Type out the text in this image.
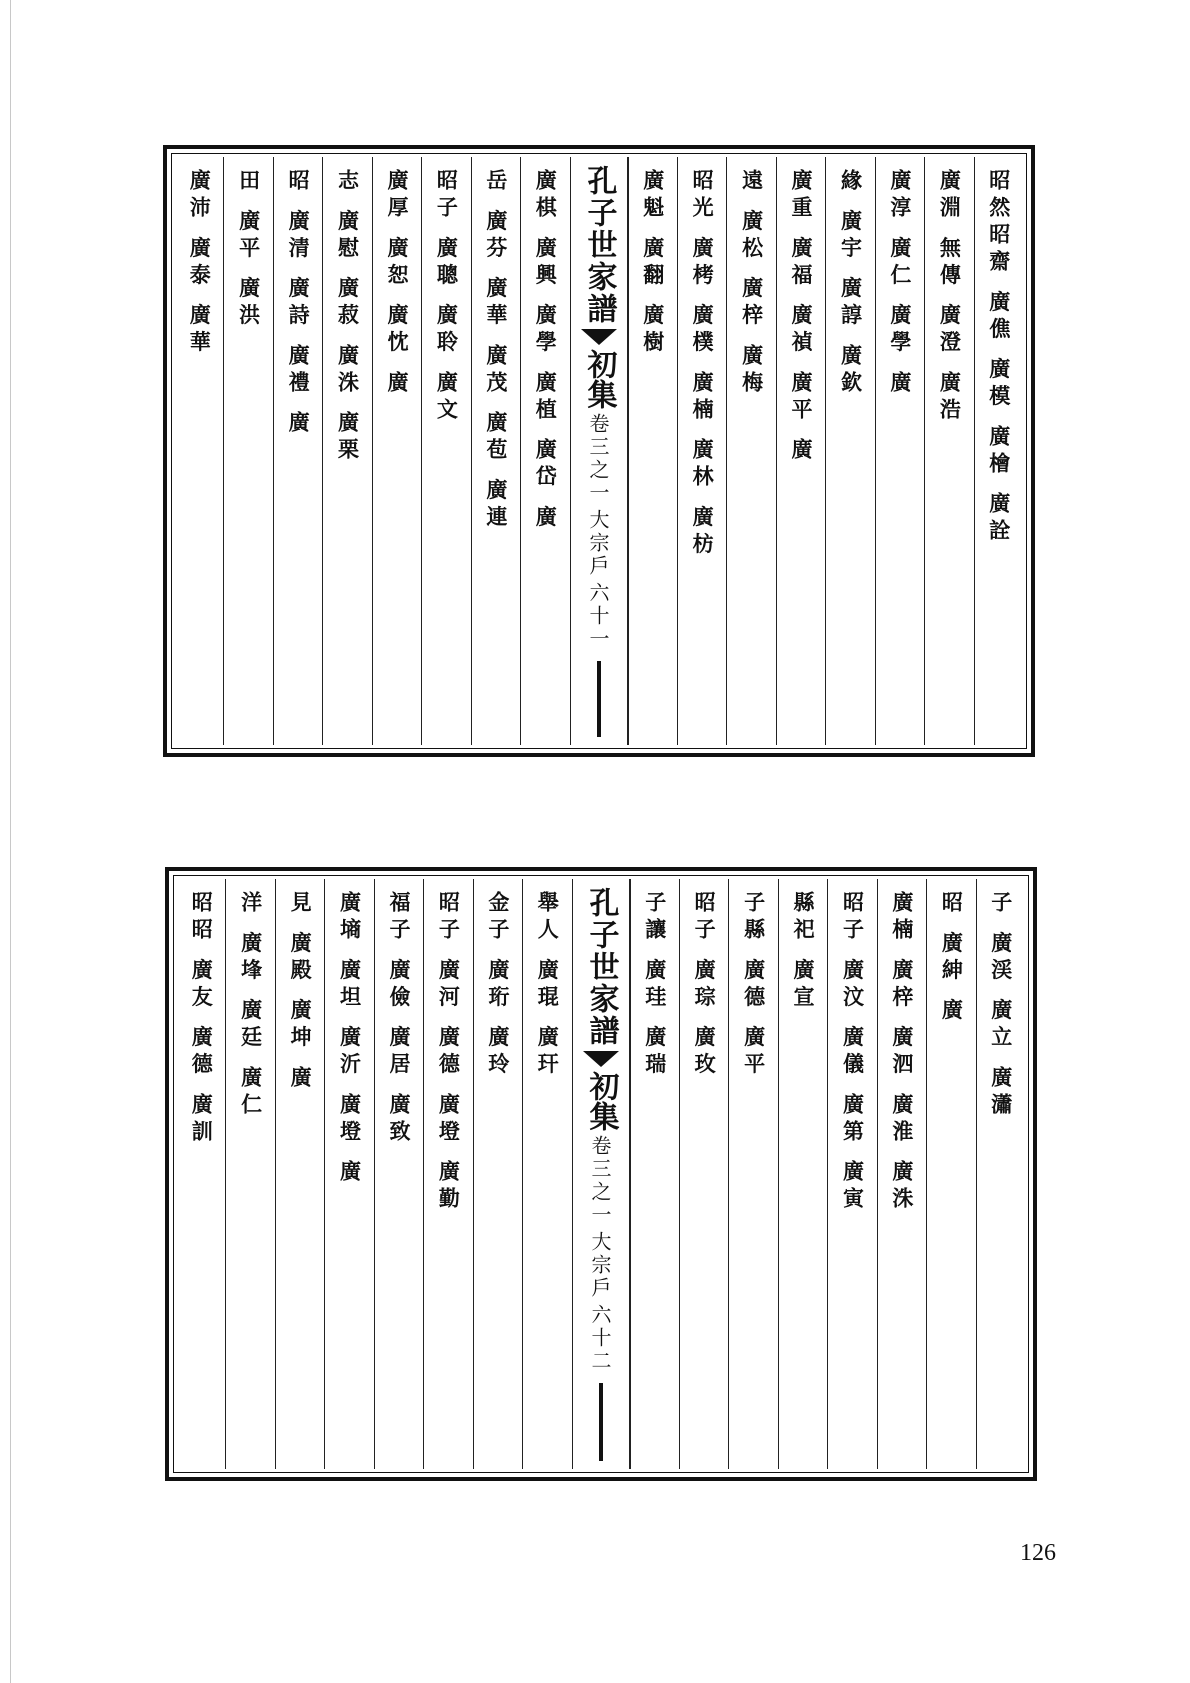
昭然昭齋 廣僬 廣模 廣檜 廣詮
廣淵 無傳 廣澄 廣浩
廣淳 廣仁 廣學 廣
緣 廣宇 廣諄 廣欽
廣重 廣福 廣禎 廣平 廣
遠 廣松 廣梓 廣梅
昭光 廣栲 廣樸 廣楠 廣林 廣枋
廣魁 廣翻 廣樹
孔子世家譜
初集
卷三之一
大宗戶
六十一
廣棋 廣興 廣學 廣植 廣岱 廣
岳 廣芬 廣華 廣茂 廣苞 廣連
昭子 廣聰 廣聆 廣文
廣厚 廣恕 廣忱 廣
志 廣慰 廣菽 廣洙 廣栗
昭 廣清 廣詩 廣禮 廣
田 廣平 廣洪
廣沛 廣泰 廣華
子 廣渓 廣立 廣瀟
昭 廣紳 廣
廣楠 廣梓 廣泗 廣淮 廣洙
昭子 廣汶 廣儀 廣第 廣寅
縣祀 廣宣
子縣 廣德 廣平
昭子 廣琮 廣玫
子讓 廣珪 廣瑞
孔子世家譜
初集
卷三之一
大宗戶
六十二
舉人 廣琨 廣玕
金子 廣珩 廣玲
昭子 廣河 廣德 廣墱 廣勤
福子 廣儉 廣居 廣致
廣墒 廣坦 廣沂 廣墱 廣
見 廣殿 廣坤 廣
洋 廣埄 廣廷 廣仁
昭昭 廣友 廣德 廣訓
126
